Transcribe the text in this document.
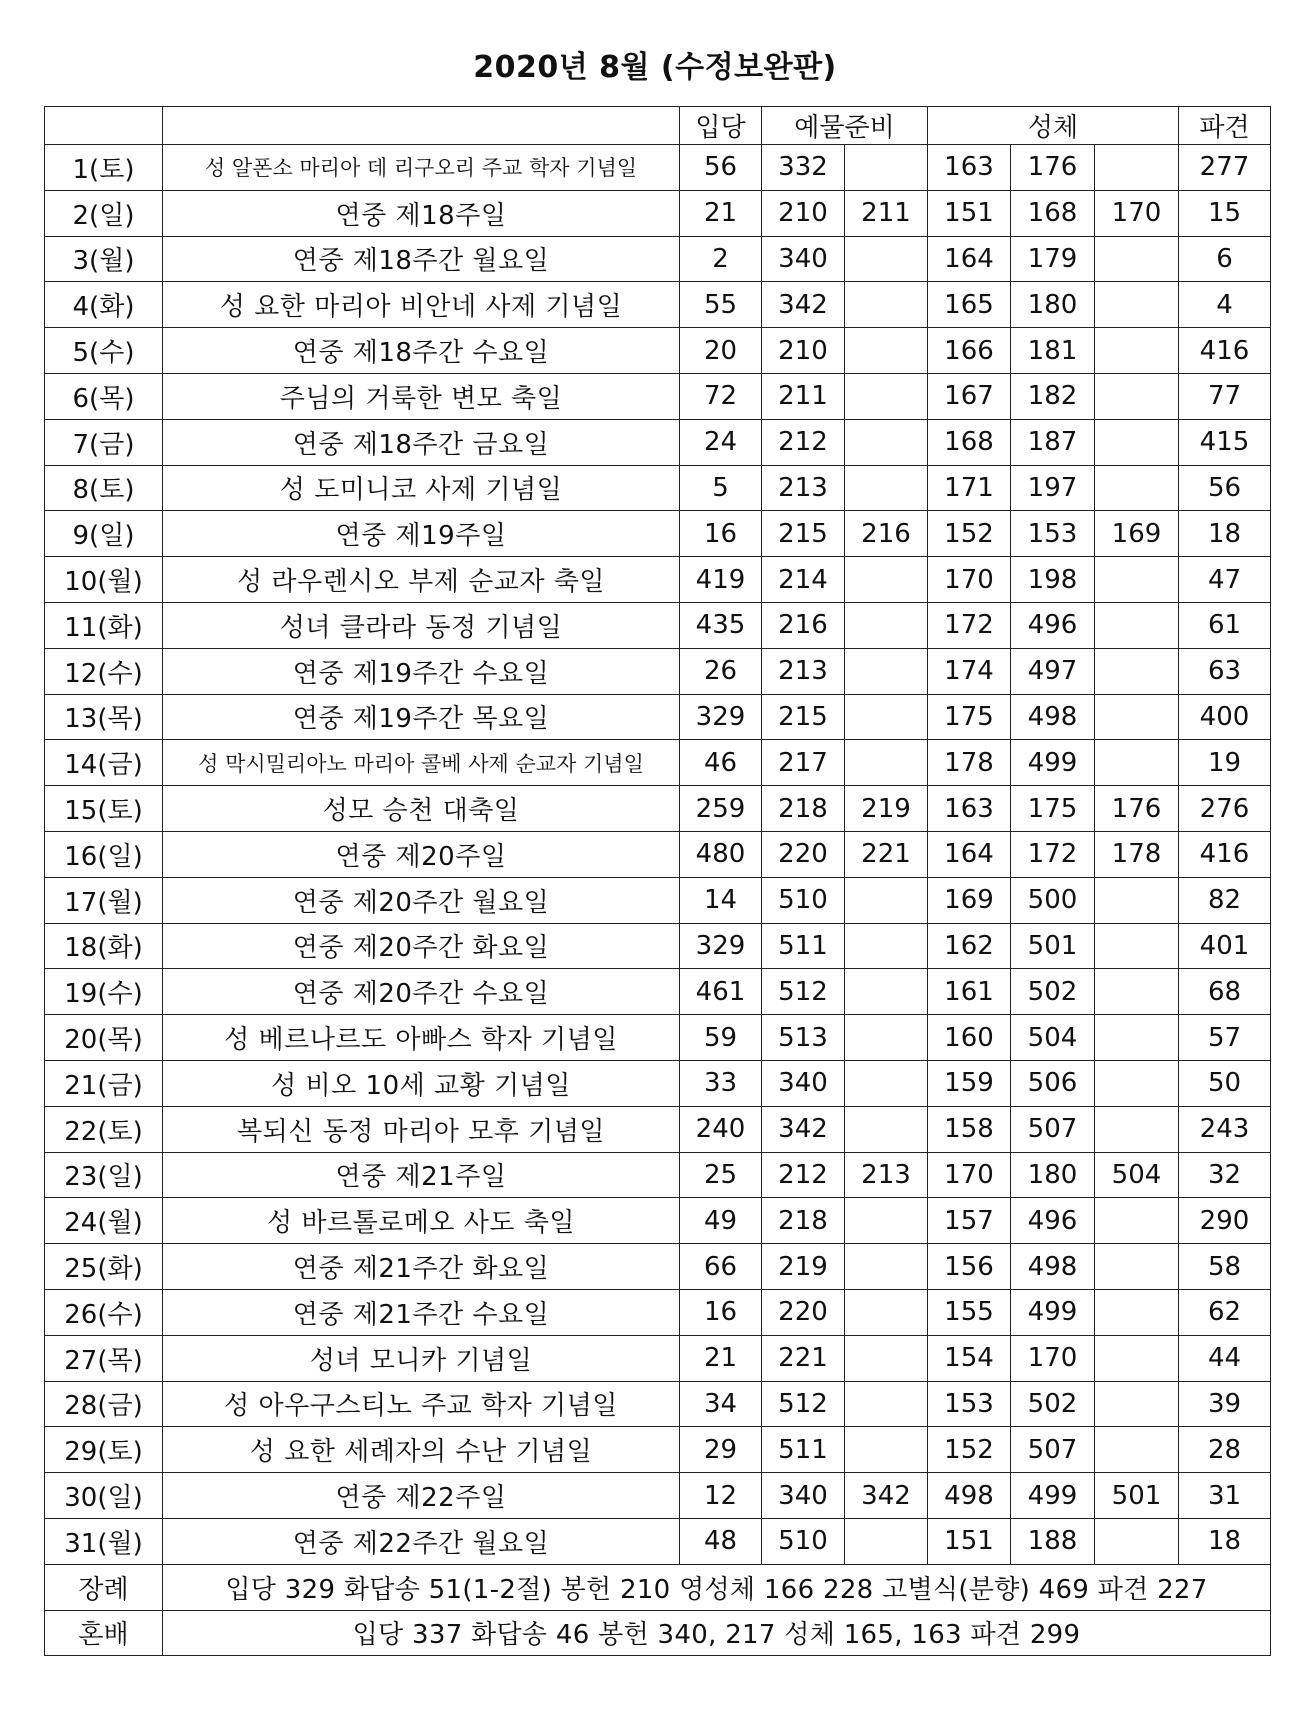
2020년 8월 (수정보완판)
		입당	예물준비		성체			파견
1(토)	성 알폰소 마리아 데 리구오리 주교 학자 기념일	56	332		163	176		277
2(일)	연중 제18주일	21	210	211	151	168	170	15
3(월)	연중 제18주간 월요일	2	340		164	179		6
4(화)	성 요한 마리아 비안네 사제 기념일	55	342		165	180		4
5(수)	연중 제18주간 수요일	20	210		166	181		416
6(목)	주님의 거룩한 변모 축일	72	211		167	182		77
7(금)	연중 제18주간 금요일	24	212		168	187		415
8(토)	성 도미니코 사제 기념일	5	213		171	197		56
9(일)	연중 제19주일	16	215	216	152	153	169	18
10(월)	성 라우렌시오 부제 순교자 축일	419	214		170	198		47
11(화)	성녀 클라라 동정 기념일	435	216		172	496		61
12(수)	연중 제19주간 수요일	26	213		174	497		63
13(목)	연중 제19주간 목요일	329	215		175	498		400
14(금)	성 막시밀리아노 마리아 콜베 사제 순교자 기념일	46	217		178	499		19
15(토)	성모 승천 대축일	259	218	219	163	175	176	276
16(일)	연중 제20주일	480	220	221	164	172	178	416
17(월)	연중 제20주간 월요일	14	510		169	500		82
18(화)	연중 제20주간 화요일	329	511		162	501		401
19(수)	연중 제20주간 수요일	461	512		161	502		68
20(목)	성 베르나르도 아빠스 학자 기념일	59	513		160	504		57
21(금)	성 비오 10세 교황 기념일	33	340		159	506		50
22(토)	복되신 동정 마리아 모후 기념일	240	342		158	507		243
23(일)	연중 제21주일	25	212	213	170	180	504	32
24(월)	성 바르톨로메오 사도 축일	49	218		157	496		290
25(화)	연중 제21주간 화요일	66	219		156	498		58
26(수)	연중 제21주간 수요일	16	220		155	499		62
27(목)	성녀 모니카 기념일	21	221		154	170		44
28(금)	성 아우구스티노 주교 학자 기념일	34	512		153	502		39
29(토)	성 요한 세례자의 수난 기념일	29	511		152	507		28
30(일)	연중 제22주일	12	340	342	498	499	501	31
31(월)	연중 제22주간 월요일	48	510		151	188		18
장례	입당 329 화답송 51(1-2절) 봉헌 210 영성체 166 228 고별식(분향) 469 파견 227							
혼배	입당 337 화답송 46 봉헌 340, 217 성체 165, 163 파견 299							
